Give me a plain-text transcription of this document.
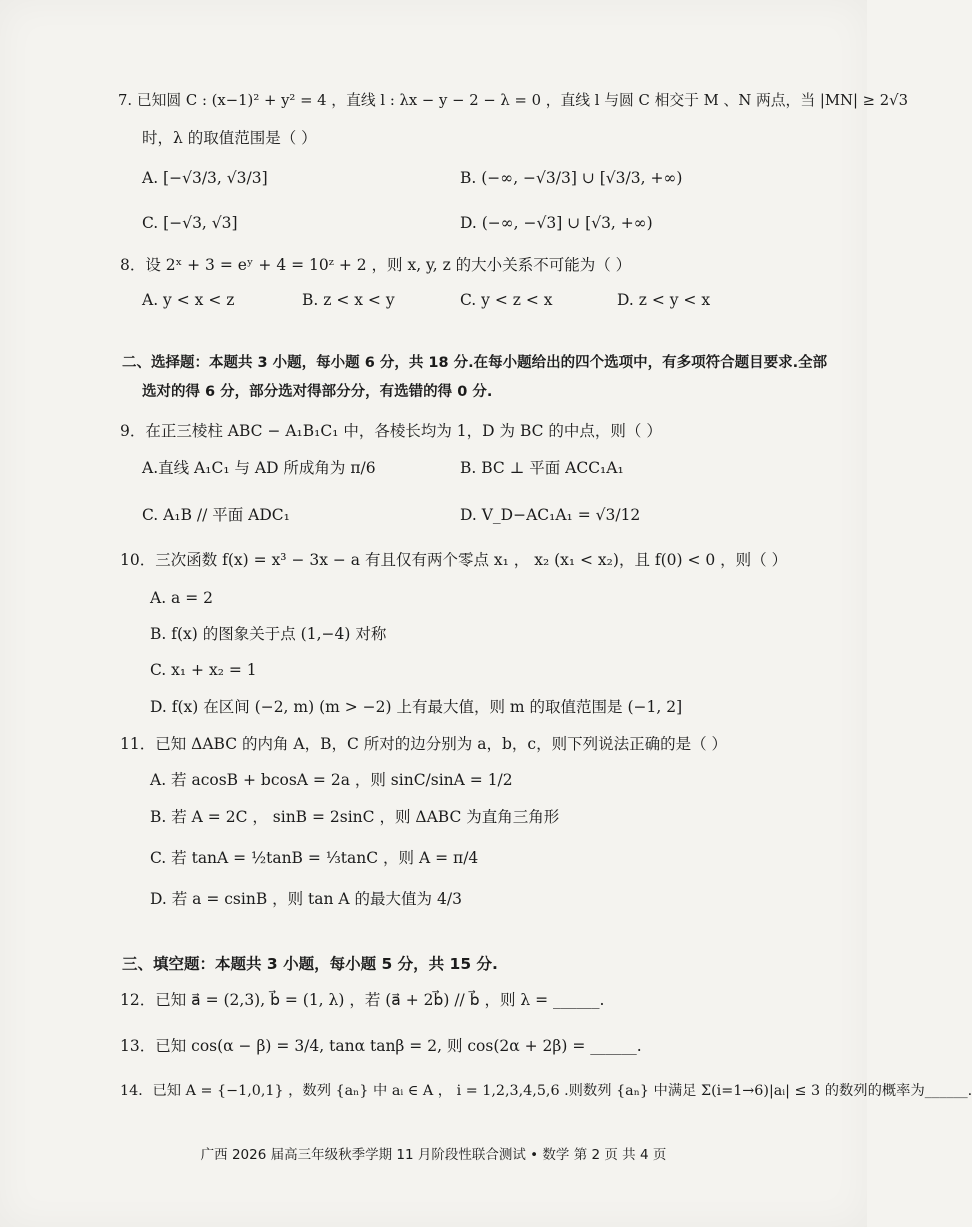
7. 已知圆 C : (x−1)² + y² = 4 ，直线 l : λx − y − 2 − λ = 0 ，直线 l 与圆 C 相交于 M 、N 两点，当 |MN| ≥ 2√3
时，λ 的取值范围是（ ）
A. [−√3/3, √3/3]	B. (−∞, −√3/3] ∪ [√3/3, +∞)
C. [−√3, √3]	D. (−∞, −√3] ∪ [√3, +∞)
8．设 2ˣ + 3 = eʸ + 4 = 10ᶻ + 2 ，则 x, y, z 的大小关系不可能为（ ）
A. y < x < z	B. z < x < y	C. y < z < x	D. z < y < x
二、选择题：本题共 3 小题，每小题 6 分，共 18 分.在每小题给出的四个选项中，有多项符合题目要求.全部
选对的得 6 分，部分选对得部分分，有选错的得 0 分.
9．在正三棱柱 ABC − A₁B₁C₁ 中，各棱长均为 1，D 为 BC 的中点，则（ ）
A.直线 A₁C₁ 与 AD 所成角为 π/6	B. BC ⊥ 平面 ACC₁A₁
C. A₁B // 平面 ADC₁	D. V_D−AC₁A₁ = √3/12
10．三次函数 f(x) = x³ − 3x − a 有且仅有两个零点 x₁ ， x₂ (x₁ < x₂)，且 f(0) < 0 ，则（ ）
A. a = 2
B. f(x) 的图象关于点 (1,−4) 对称
C. x₁ + x₂ = 1
D. f(x) 在区间 (−2, m) (m > −2) 上有最大值，则 m 的取值范围是 (−1, 2]
11．已知 ΔABC 的内角 A，B，C 所对的边分别为 a，b，c，则下列说法正确的是（ ）
A. 若 acosB + bcosA = 2a ，则 sinC/sinA = 1/2
B. 若 A = 2C ， sinB = 2sinC ，则 ΔABC 为直角三角形
C. 若 tanA = ½tanB = ⅓tanC ，则 A = π/4
D. 若 a = csinB ，则 tan A 的最大值为 4/3
三、填空题：本题共 3 小题，每小题 5 分，共 15 分.
12．已知 a⃗ = (2,3), b⃗ = (1, λ) ，若 (a⃗ + 2b⃗) // b⃗ ，则 λ = ______.
13．已知 cos(α − β) = 3/4, tanα tanβ = 2, 则 cos(2α + 2β) = ______.
14．已知 A = {−1,0,1} ，数列 {aₙ} 中 aᵢ ∈ A ， i = 1,2,3,4,5,6 .则数列 {aₙ} 中满足 Σ(i=1→6)|aᵢ| ≤ 3 的数列的概率为______.
广西 2026 届高三年级秋季学期 11 月阶段性联合测试 • 数学 第 2 页 共 4 页
